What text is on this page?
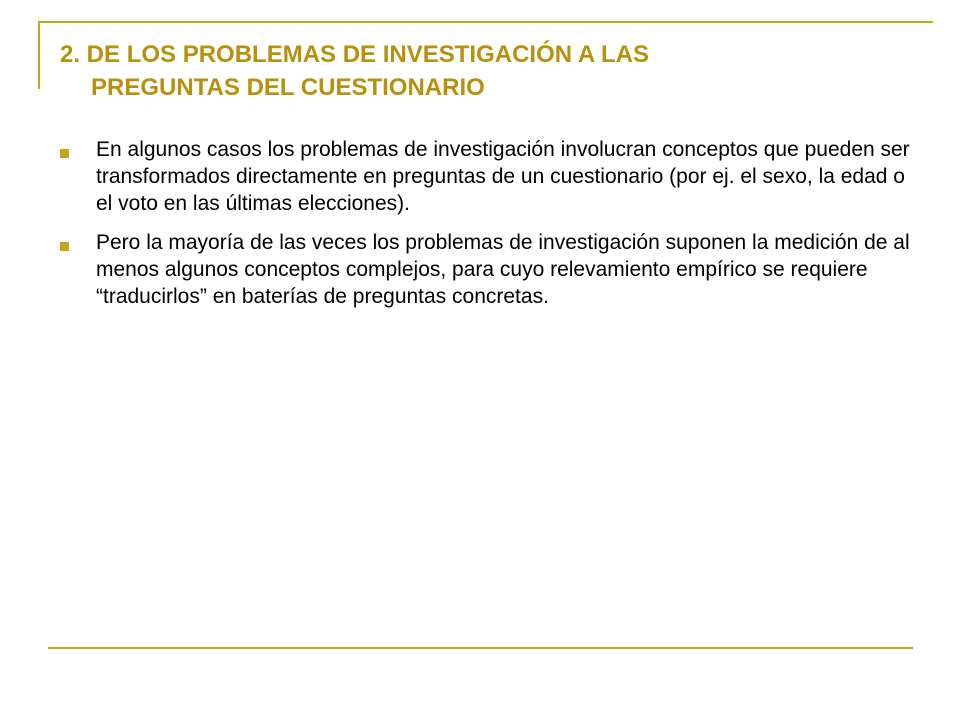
2. DE LOS PROBLEMAS DE INVESTIGACIÓN A LAS
PREGUNTAS DEL CUESTIONARIO
En algunos casos los problemas de investigación involucran conceptos que pueden ser transformados directamente en preguntas de un cuestionario (por ej. el sexo, la edad o el voto en las últimas elecciones).
Pero la mayoría de las veces los problemas de investigación suponen la medición de al menos algunos conceptos complejos, para cuyo relevamiento empírico se requiere “traducirlos” en baterías de preguntas concretas.
